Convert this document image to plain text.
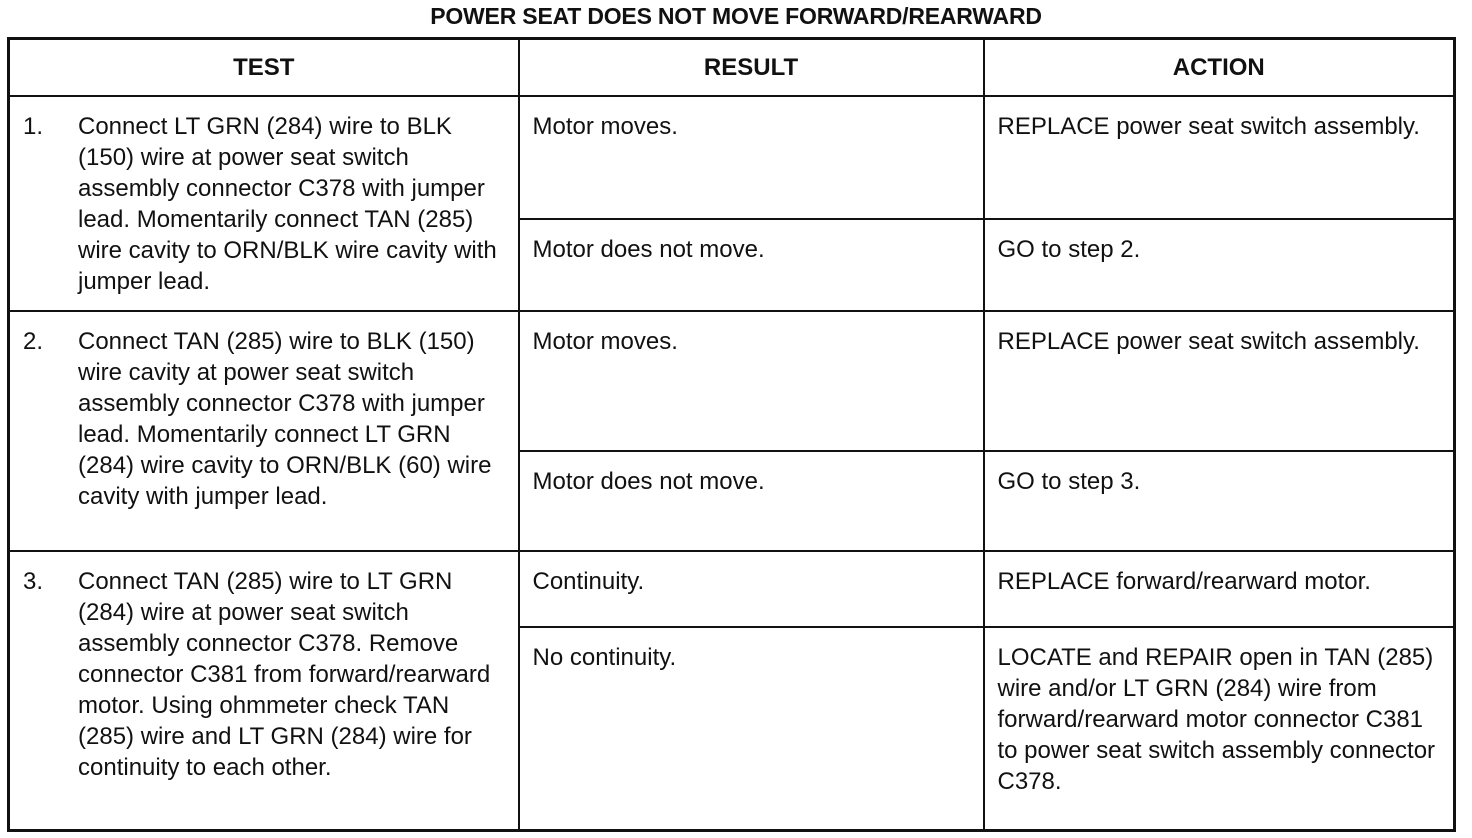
POWER SEAT DOES NOT MOVE FORWARD/REARWARD
TEST	RESULT	ACTION

1. Connect LT GRN (284) wire to BLK (150) wire at power seat switch assembly connector C378 with jumper lead. Momentarily connect TAN (285) wire cavity to ORN/BLK wire cavity with jumper lead.	Motor moves.	REPLACE power seat switch assembly.
	Motor does not move.	GO to step 2.

2. Connect TAN (285) wire to BLK (150) wire cavity at power seat switch assembly connector C378 with jumper lead. Momentarily connect LT GRN (284) wire cavity to ORN/BLK (60) wire cavity with jumper lead.	Motor moves.	REPLACE power seat switch assembly.
	Motor does not move.	GO to step 3.

3. Connect TAN (285) wire to LT GRN (284) wire at power seat switch assembly connector C378. Remove connector C381 from forward/rearward motor. Using ohmmeter check TAN (285) wire and LT GRN (284) wire for continuity to each other.	Continuity.	REPLACE forward/rearward motor.
	No continuity.	LOCATE and REPAIR open in TAN (285) wire and/or LT GRN (284) wire from forward/rearward motor connector C381 to power seat switch assembly connector C378.
